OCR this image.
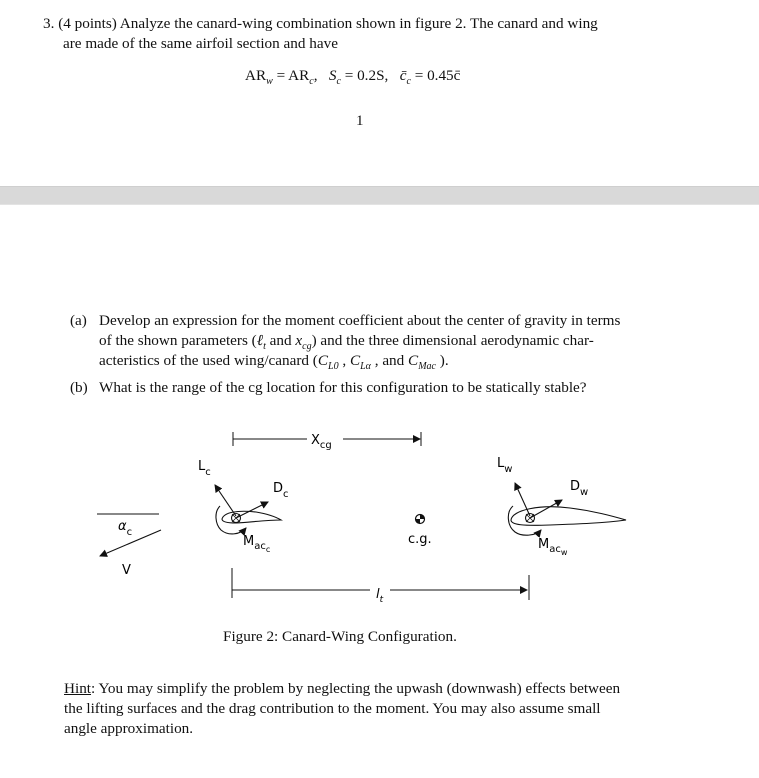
3. (4 points) Analyze the canard-wing combination shown in figure 2. The canard and wing
are made of the same airfoil section and have
$AR_w = AR_c$, $S_c = 0.2S$, $c̄_c$ = 0.45c̄
1
(a) Develop an expression for the moment coefficient about the center of gravity in terms
of the shown parameters (ℓ$_t$ and $x_{cg}$) and the three dimensional aerodynamic char-
acteristics of the used wing/canard ($C_{L0}$ , $C_{L\alpha}$ , and $C_{Mac}$ ).
(b) What is the range of the cg location for this configuration to be statically stable?
$X_{cg}$
$L_c$
$D_c$
$M_{acc}$
$\alpha_c$
V
c.g.
$L_w$
$D_w$
$M_{acw}$
$l_t$
Figure 2: Canard-Wing Configuration.
Hint: You may simplify the problem by neglecting the upwash (downwash) effects between
the lifting surfaces and the drag contribution to the moment. You may also assume small
angle approximation.
